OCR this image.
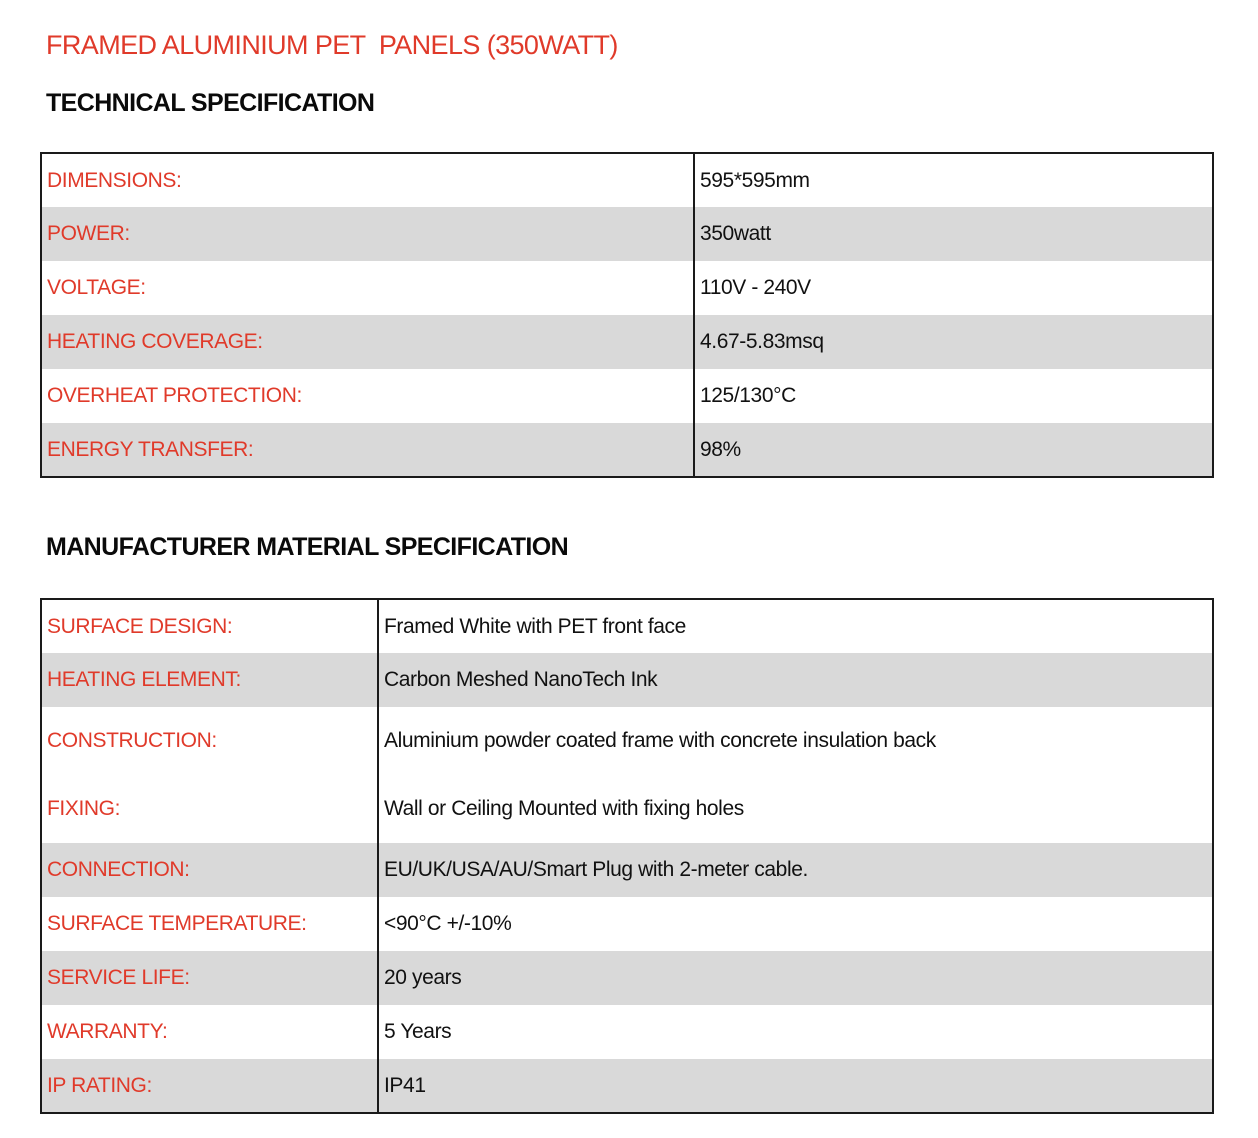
FRAMED ALUMINIUM PET  PANELS (350WATT)
TECHNICAL SPECIFICATION
DIMENSIONS:	595*595mm
POWER:	350watt
VOLTAGE:	110V - 240V
HEATING COVERAGE:	4.67-5.83msq
OVERHEAT PROTECTION:	125/130°C
ENERGY TRANSFER:	98%
MANUFACTURER MATERIAL SPECIFICATION
SURFACE DESIGN:	Framed White with PET front face
HEATING ELEMENT:	Carbon Meshed NanoTech Ink
CONSTRUCTION:	Aluminium powder coated frame with concrete insulation back
FIXING:	Wall or Ceiling Mounted with fixing holes
CONNECTION:	EU/UK/USA/AU/Smart Plug with 2-meter cable.
SURFACE TEMPERATURE:	<90°C +/-10%
SERVICE LIFE:	20 years
WARRANTY:	5 Years
IP RATING:	IP41
